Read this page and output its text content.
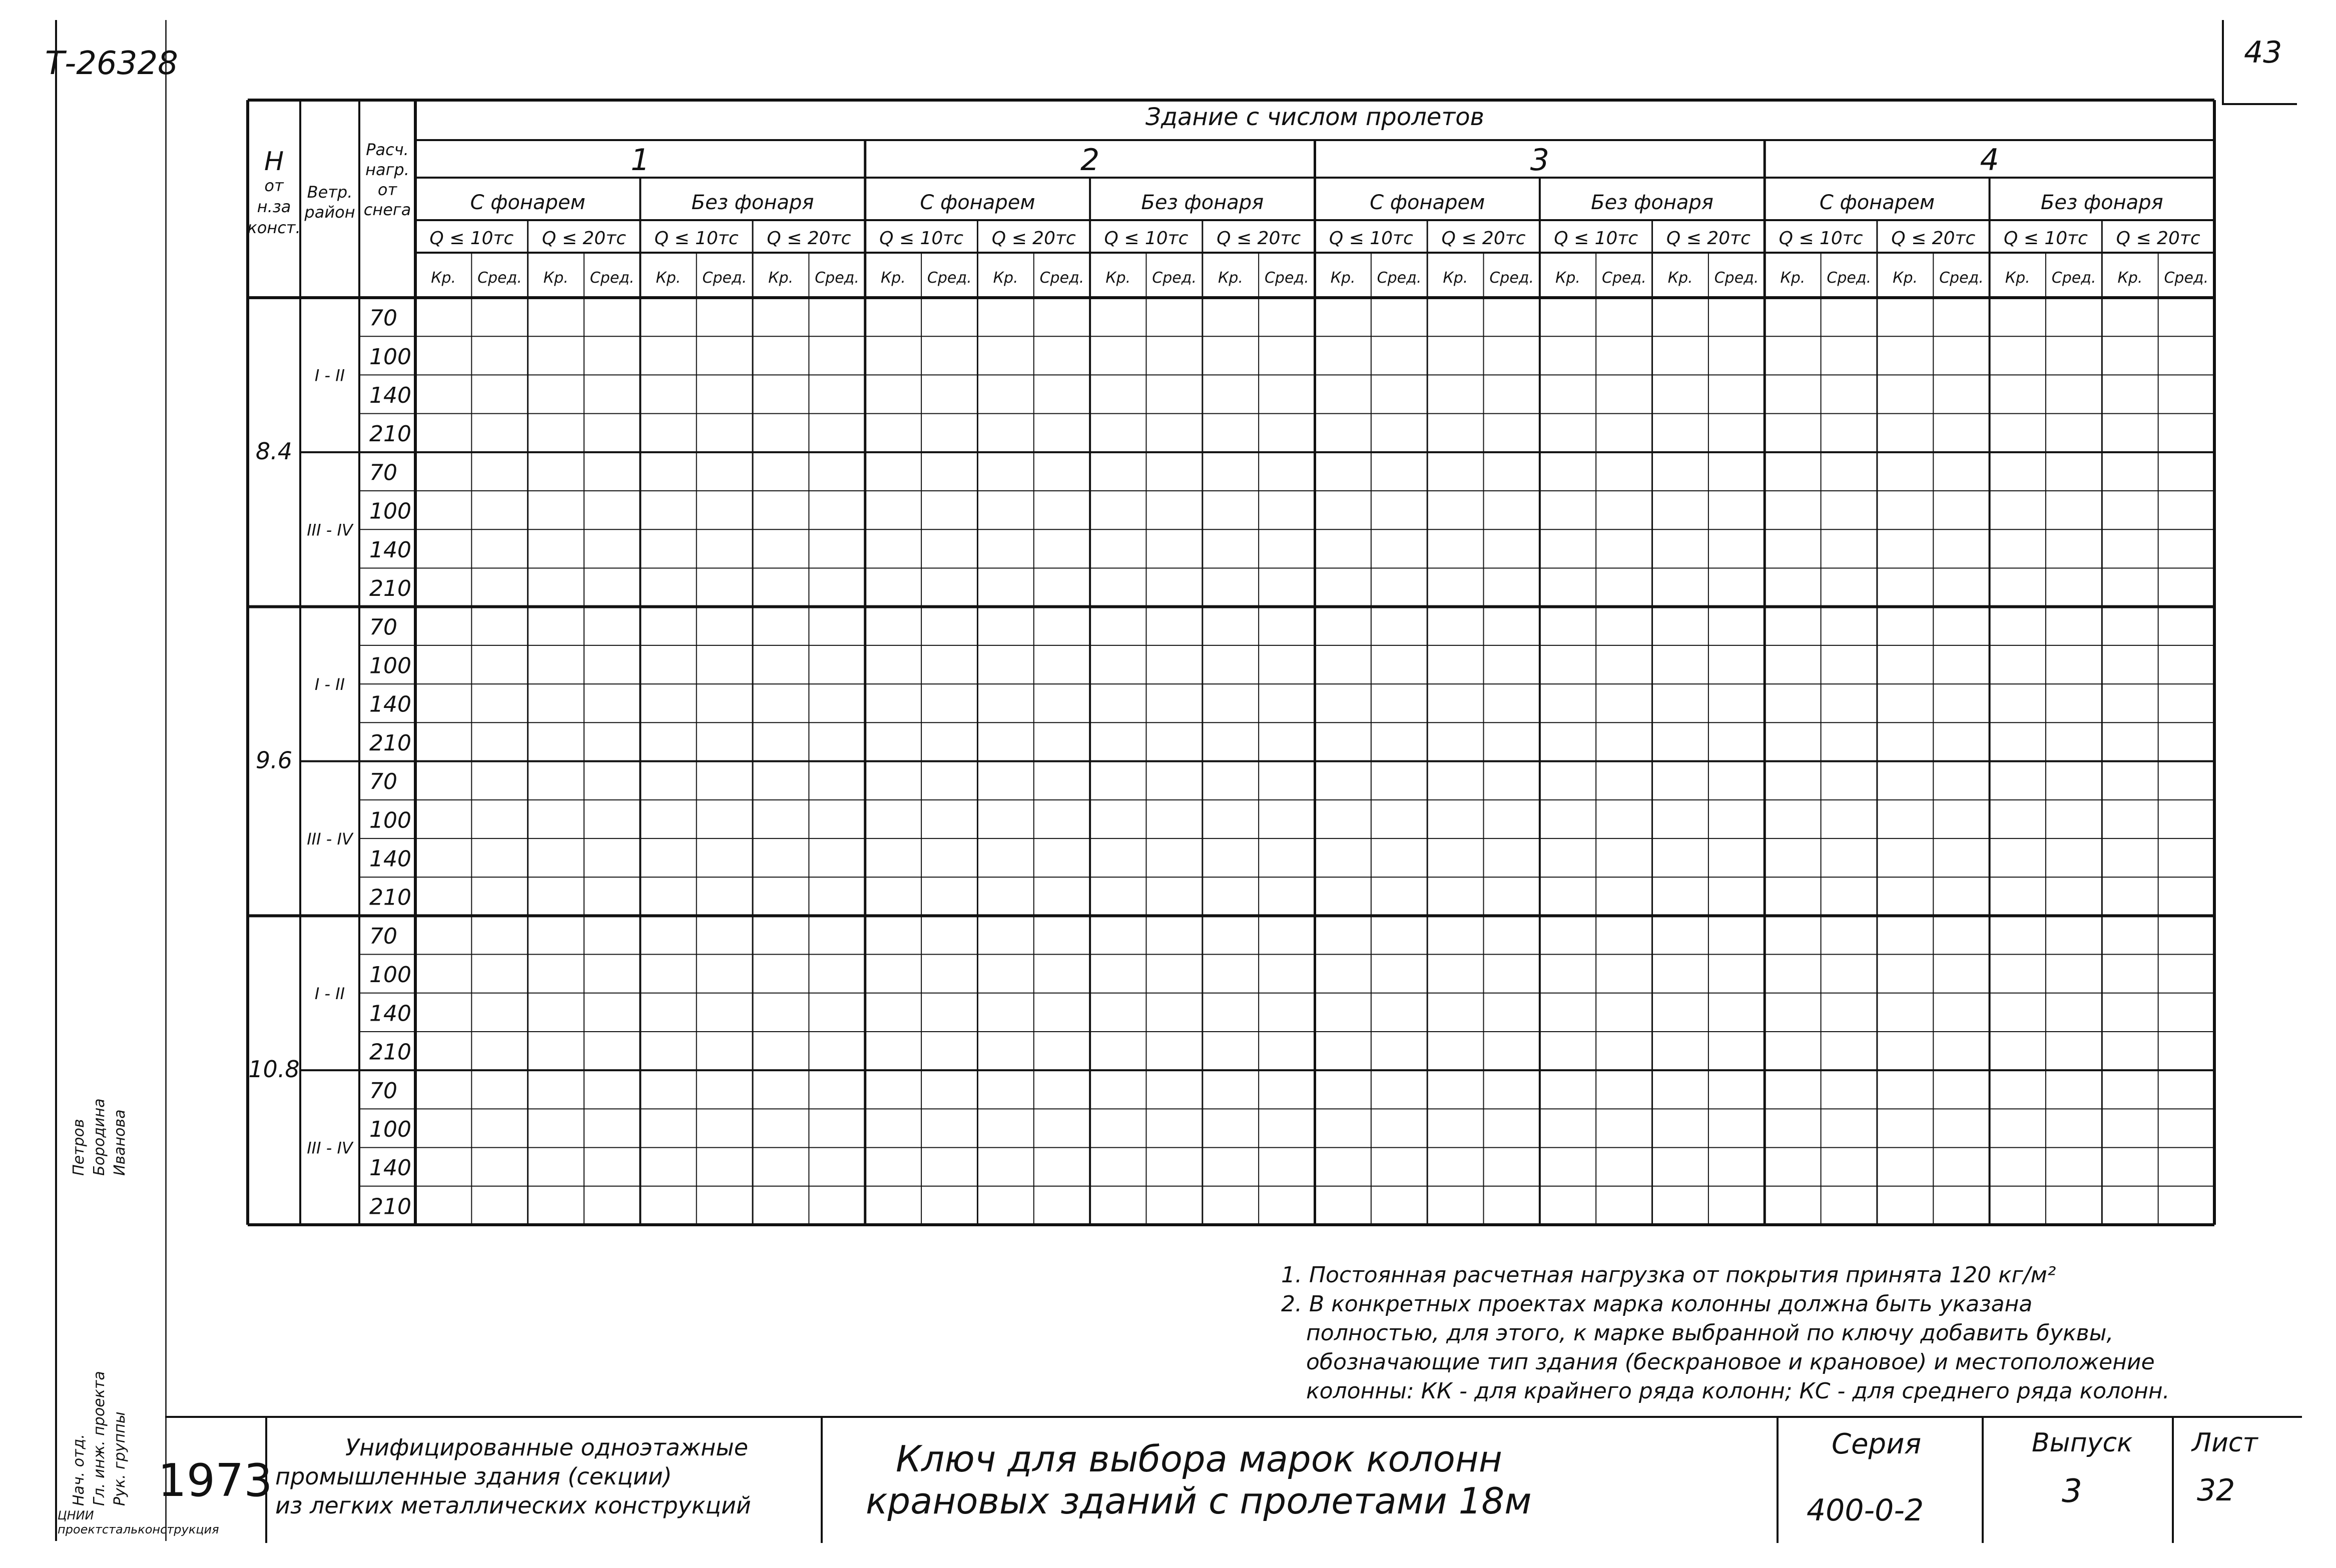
Т-26328	43
Здание с числом пролетов
Н
от
н.за
конст.
Ветр.
район
Расч.
нагр.
от
снега
1
С фонарем
Q ≤ 10тс
Кр. Сред.
Q ≤ 20тс
Кр. Сред.
Без фонаря
Q ≤ 10тс
Кр. Сред.
Q ≤ 20тс
Кр. Сред.
2
С фонарем
Q ≤ 10тс
Кр. Сред.
Q ≤ 20тс
Кр. Сред.
Без фонаря
Q ≤ 10тс
Кр. Сред.
Q ≤ 20тс
Кр. Сред.
3
С фонарем
Q ≤ 10тс
Кр. Сред.
Q ≤ 20тс
Кр. Сред.
Без фонаря
Q ≤ 10тс
Кр. Сред.
Q ≤ 20тс
Кр. Сред.
4
С фонарем
Q ≤ 10тс
Кр. Сред.
Q ≤ 20тс
Кр. Сред.
Без фонаря
Q ≤ 10тс
Кр. Сред.
Q ≤ 20тс
Кр. Сред.
8.4
I - II
70
100
140
210
III - IV
70
100
140
210
9.6
I - II
70
100
140
210
III - IV
70
100
140
210
10.8
I - II
70
100
140
210
III - IV
70
100
140
210
1. Постоянная расчетная нагрузка от покрытия принята 120 кг/м²
2. В конкретных проектах марка колонны должна быть указана
полностью, для этого, к марке выбранной по ключу добавить буквы,
обозначающие тип здания (бескрановое и крановое) и местоположение
колонны: КК - для крайнего ряда колонн; КС - для среднего ряда колонн.
1973
Унифицированные одноэтажные
промышленные здания (секции)
из легких металлических конструкций
Ключ для выбора марок колонн
крановых зданий с пролетами 18м
Серия
400-0-2
Выпуск
3
Лист
32
Нач. отд. Гл. инж. проекта Рук. группы
Петров Бородина Иванова
ЦНИИ проектстальконструкция
